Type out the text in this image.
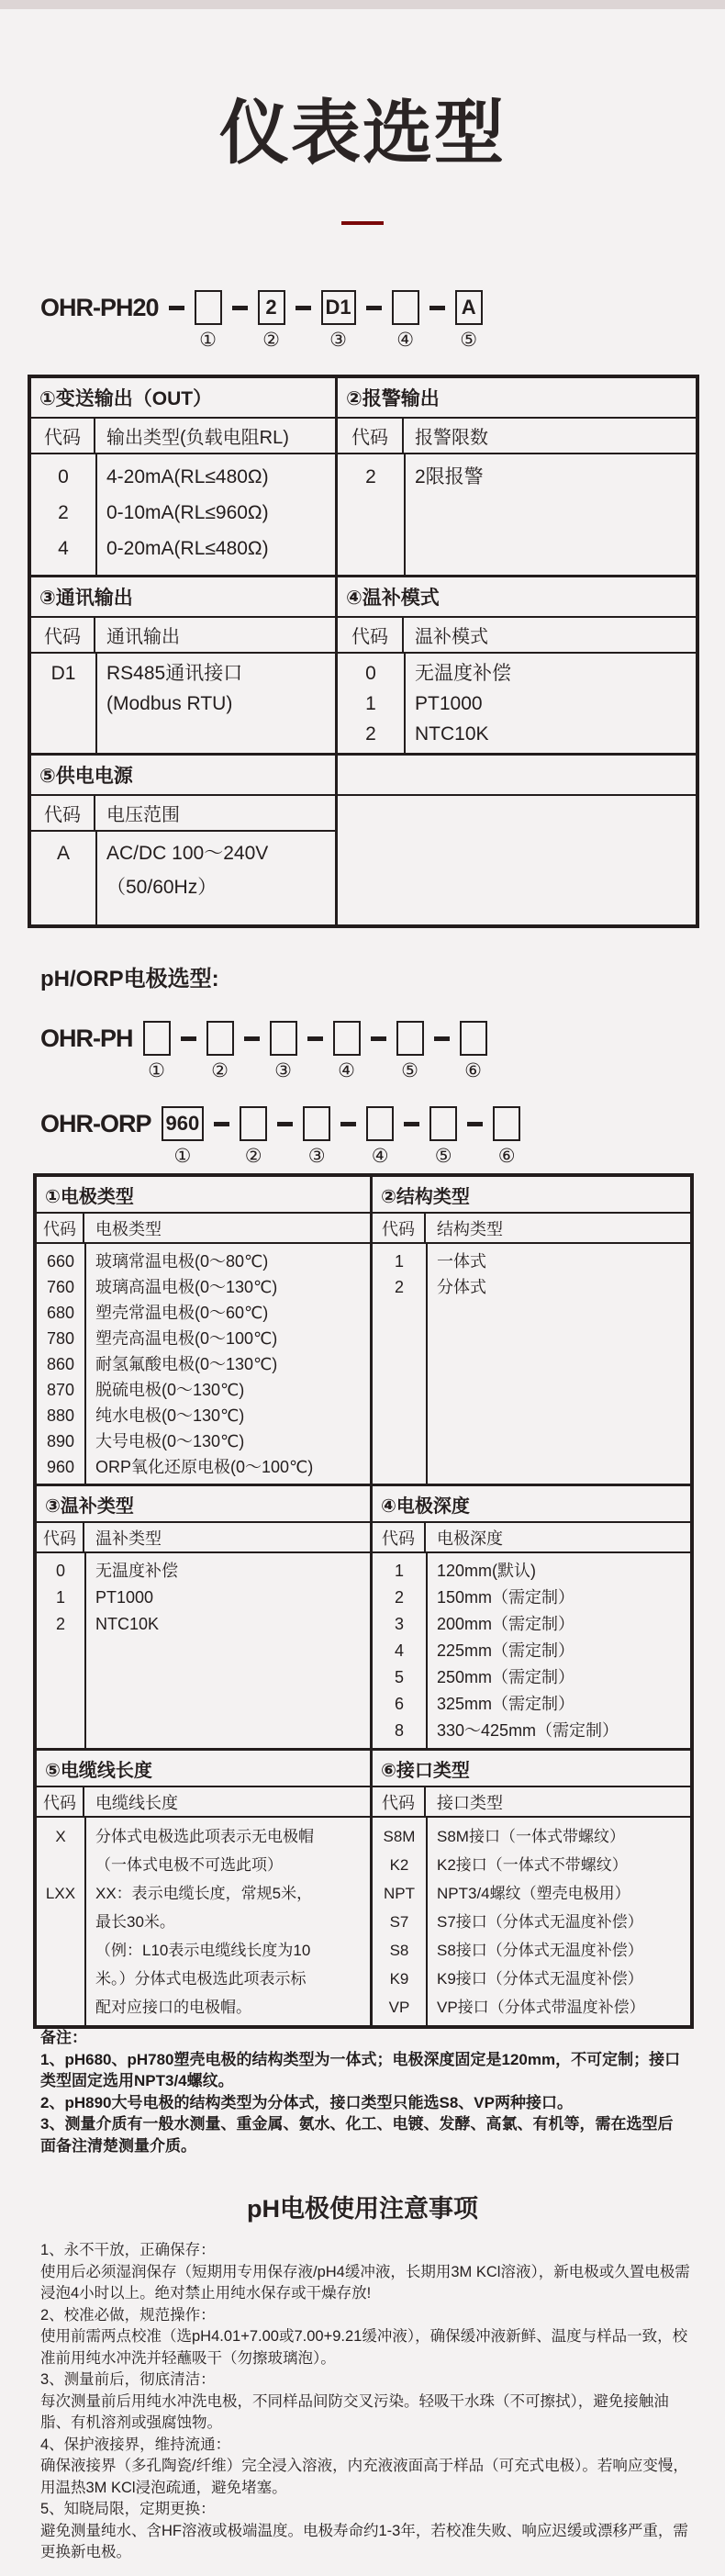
仪表选型
OHR-PH20
①
2
②
D1
③	④
A
⑤
①变送输出（OUT）
代码	输出类型(负载电阻RL)
0	4-20mA(RL≤480Ω)
2	0-10mA(RL≤960Ω)
4	0-20mA(RL≤480Ω)
②报警输出
代码	报警限数
2	2限报警
③通讯输出
代码	通讯输出
D1	RS485通讯接口
(Modbus RTU)
④温补模式
代码	温补模式
0	无温度补偿
1	PT1000
2	NTC10K
⑤供电电源
代码	电压范围
A	AC/DC 100～240V
（50/60Hz）
pH/ORP电极选型:
OHR-PH
① ② ③ ④ ⑤ ⑥
OHR-ORP 960
①	② ③ ④ ⑤ ⑥
①电极类型
代码	电极类型
660	玻璃常温电极(0～80℃)
760	玻璃高温电极(0～130℃)
680	塑壳常温电极(0～60℃)
780	塑壳高温电极(0～100℃)
860	耐氢氟酸电极(0～130℃)
870	脱硫电极(0～130℃)
880	纯水电极(0～130℃)
890	大号电极(0～130℃)
960	ORP氧化还原电极(0～100℃)
②结构类型
代码	结构类型
1	一体式
2	分体式
③温补类型
代码	温补类型
0	无温度补偿
1	PT1000
2	NTC10K
④电极深度
代码	电极深度
1	120mm(默认)
2	150mm（需定制）
3	200mm（需定制）
4	225mm（需定制）
5	250mm（需定制）
6	325mm（需定制）
8	330～425mm（需定制）
⑤电缆线长度
代码	电缆线长度
X	分体式电极选此项表示无电极帽
（一体式电极不可选此项）
LXX	XX：表示电缆长度，常规5米，
最长30米。
（例：L10表示电缆线长度为10
米。）分体式电极选此项表示标
配对应接口的电极帽。
⑥接口类型
代码	接口类型
S8M	S8M接口（一体式带螺纹）
K2	K2接口（一体式不带螺纹）
NPT	NPT3/4螺纹（塑壳电极用）
S7	S7接口（分体式无温度补偿）
S8	S8接口（分体式无温度补偿）
K9	K9接口（分体式无温度补偿）
VP	VP接口（分体式带温度补偿）
备注：
1、pH680、pH780塑壳电极的结构类型为一体式；电极深度固定是120mm，不可定制；接口类型固定选用NPT3/4螺纹。
2、pH890大号电极的结构类型为分体式，接口类型只能选S8、VP两种接口。
3、测量介质有一般水测量、重金属、氨水、化工、电镀、发酵、高氯、有机等，需在选型后面备注清楚测量介质。
pH电极使用注意事项
1、永不干放，正确保存：
使用后必须湿润保存（短期用专用保存液/pH4缓冲液，长期用3M KCl溶液），新电极或久置电极需浸泡4小时以上。绝对禁止用纯水保存或干燥存放!
2、校准必做，规范操作：
使用前需两点校准（选pH4.01+7.00或7.00+9.21缓冲液），确保缓冲液新鲜、温度与样品一致，校准前用纯水冲洗并轻蘸吸干（勿擦玻璃泡）。
3、测量前后，彻底清洁：
每次测量前后用纯水冲洗电极，不同样品间防交叉污染。轻吸干水珠（不可擦拭），避免接触油脂、有机溶剂或强腐蚀物。
4、保护液接界，维持流通：
确保液接界（多孔陶瓷/纤维）完全浸入溶液，内充液液面高于样品（可充式电极）。若响应变慢，用温热3M KCl浸泡疏通，避免堵塞。
5、知晓局限，定期更换：
避免测量纯水、含HF溶液或极端温度。电极寿命约1-3年，若校准失败、响应迟缓或漂移严重，需更换新电极。
